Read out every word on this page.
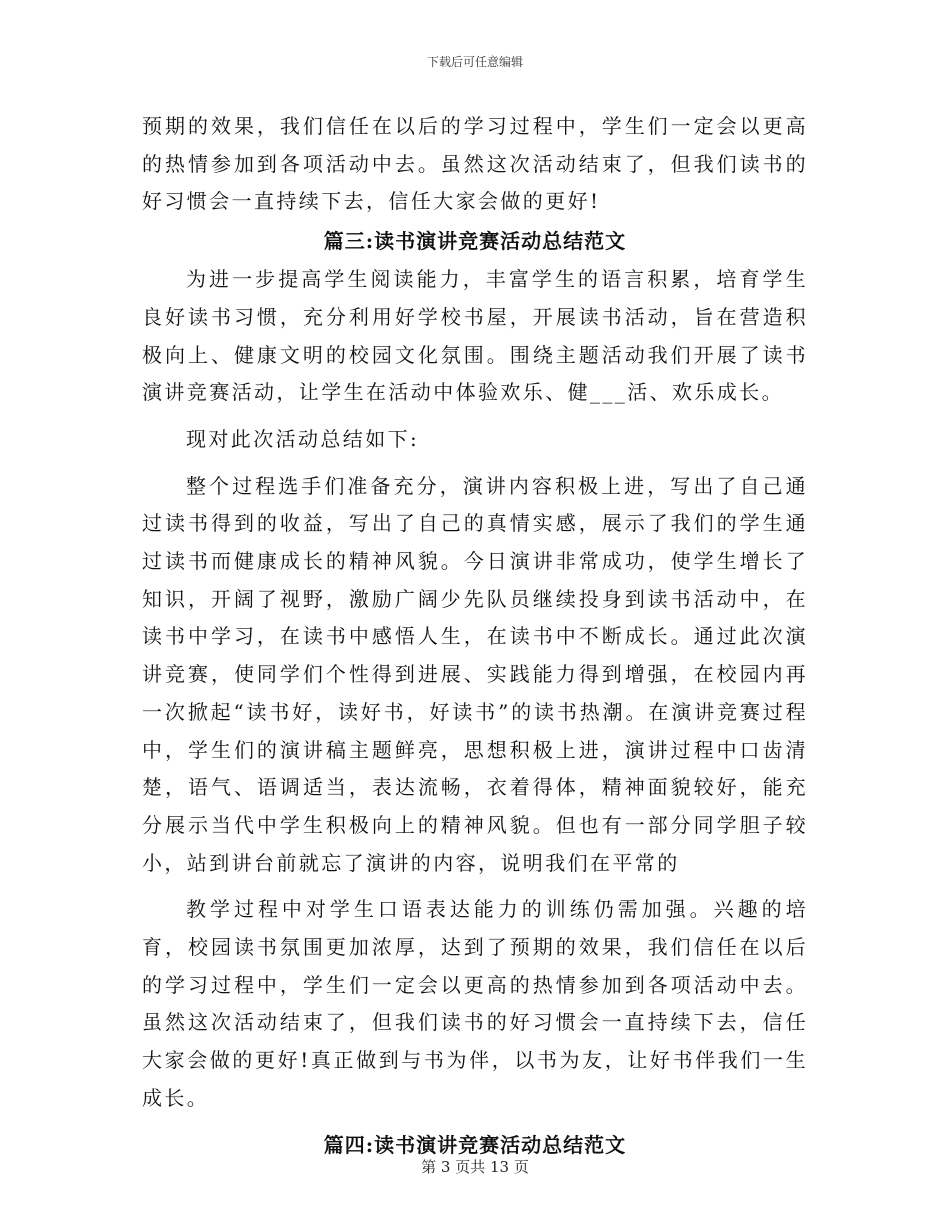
下载后可任意编辑

预期的效果，我们信任在以后的学习过程中，学生们一定会以更高的热情参加到各项活动中去。虽然这次活动结束了，但我们读书的好习惯会一直持续下去，信任大家会做的更好!

篇三:读书演讲竞赛活动总结范文

为进一步提高学生阅读能力，丰富学生的语言积累，培育学生良好读书习惯，充分利用好学校书屋，开展读书活动，旨在营造积极向上、健康文明的校园文化氛围。围绕主题活动我们开展了读书演讲竞赛活动，让学生在活动中体验欢乐、健___活、欢乐成长。

现对此次活动总结如下:

整个过程选手们准备充分，演讲内容积极上进，写出了自己通过读书得到的收益，写出了自己的真情实感，展示了我们的学生通过读书而健康成长的精神风貌。今日演讲非常成功，使学生增长了知识，开阔了视野，激励广阔少先队员继续投身到读书活动中，在读书中学习，在读书中感悟人生，在读书中不断成长。通过此次演讲竞赛，使同学们个性得到进展、实践能力得到增强，在校园内再一次掀起“读书好，读好书，好读书”的读书热潮。在演讲竞赛过程中，学生们的演讲稿主题鲜亮，思想积极上进，演讲过程中口齿清楚，语气、语调适当，表达流畅，衣着得体，精神面貌较好，能充分展示当代中学生积极向上的精神风貌。但也有一部分同学胆子较小，站到讲台前就忘了演讲的内容，说明我们在平常的

教学过程中对学生口语表达能力的训练仍需加强。兴趣的培育，校园读书氛围更加浓厚，达到了预期的效果，我们信任在以后的学习过程中，学生们一定会以更高的热情参加到各项活动中去。虽然这次活动结束了，但我们读书的好习惯会一直持续下去，信任大家会做的更好!真正做到与书为伴，以书为友，让好书伴我们一生成长。

篇四:读书演讲竞赛活动总结范文
第 3 页共 13 页
